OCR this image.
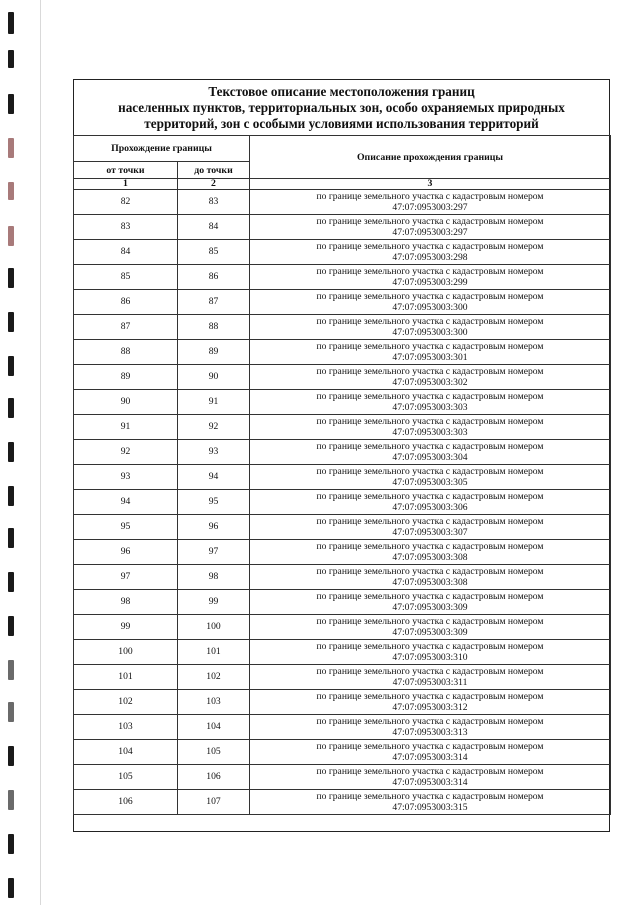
Текстовое описание местоположения границ
населенных пунктов, территориальных зон, особо охраняемых природных
территорий, зон с особыми условиями использования территорий
Прохождение границы		Описание прохождения границы
от точки	до точки	
1	2	3
82	83	по границе земельного участка с кадастровым номером
47:07:0953003:297

83	84	по границе земельного участка с кадастровым номером
47:07:0953003:297

84	85	по границе земельного участка с кадастровым номером
47:07:0953003:298

85	86	по границе земельного участка с кадастровым номером
47:07:0953003:299

86	87	по границе земельного участка с кадастровым номером
47:07:0953003:300

87	88	по границе земельного участка с кадастровым номером
47:07:0953003:300

88	89	по границе земельного участка с кадастровым номером
47:07:0953003:301

89	90	по границе земельного участка с кадастровым номером
47:07:0953003:302

90	91	по границе земельного участка с кадастровым номером
47:07:0953003:303

91	92	по границе земельного участка с кадастровым номером
47:07:0953003:303

92	93	по границе земельного участка с кадастровым номером
47:07:0953003:304

93	94	по границе земельного участка с кадастровым номером
47:07:0953003:305

94	95	по границе земельного участка с кадастровым номером
47:07:0953003:306

95	96	по границе земельного участка с кадастровым номером
47:07:0953003:307

96	97	по границе земельного участка с кадастровым номером
47:07:0953003:308

97	98	по границе земельного участка с кадастровым номером
47:07:0953003:308

98	99	по границе земельного участка с кадастровым номером
47:07:0953003:309

99	100	по границе земельного участка с кадастровым номером
47:07:0953003:309

100	101	по границе земельного участка с кадастровым номером
47:07:0953003:310

101	102	по границе земельного участка с кадастровым номером
47:07:0953003:311

102	103	по границе земельного участка с кадастровым номером
47:07:0953003:312

103	104	по границе земельного участка с кадастровым номером
47:07:0953003:313

104	105	по границе земельного участка с кадастровым номером
47:07:0953003:314

105	106	по границе земельного участка с кадастровым номером
47:07:0953003:314

106	107	по границе земельного участка с кадастровым номером
47:07:0953003:315
